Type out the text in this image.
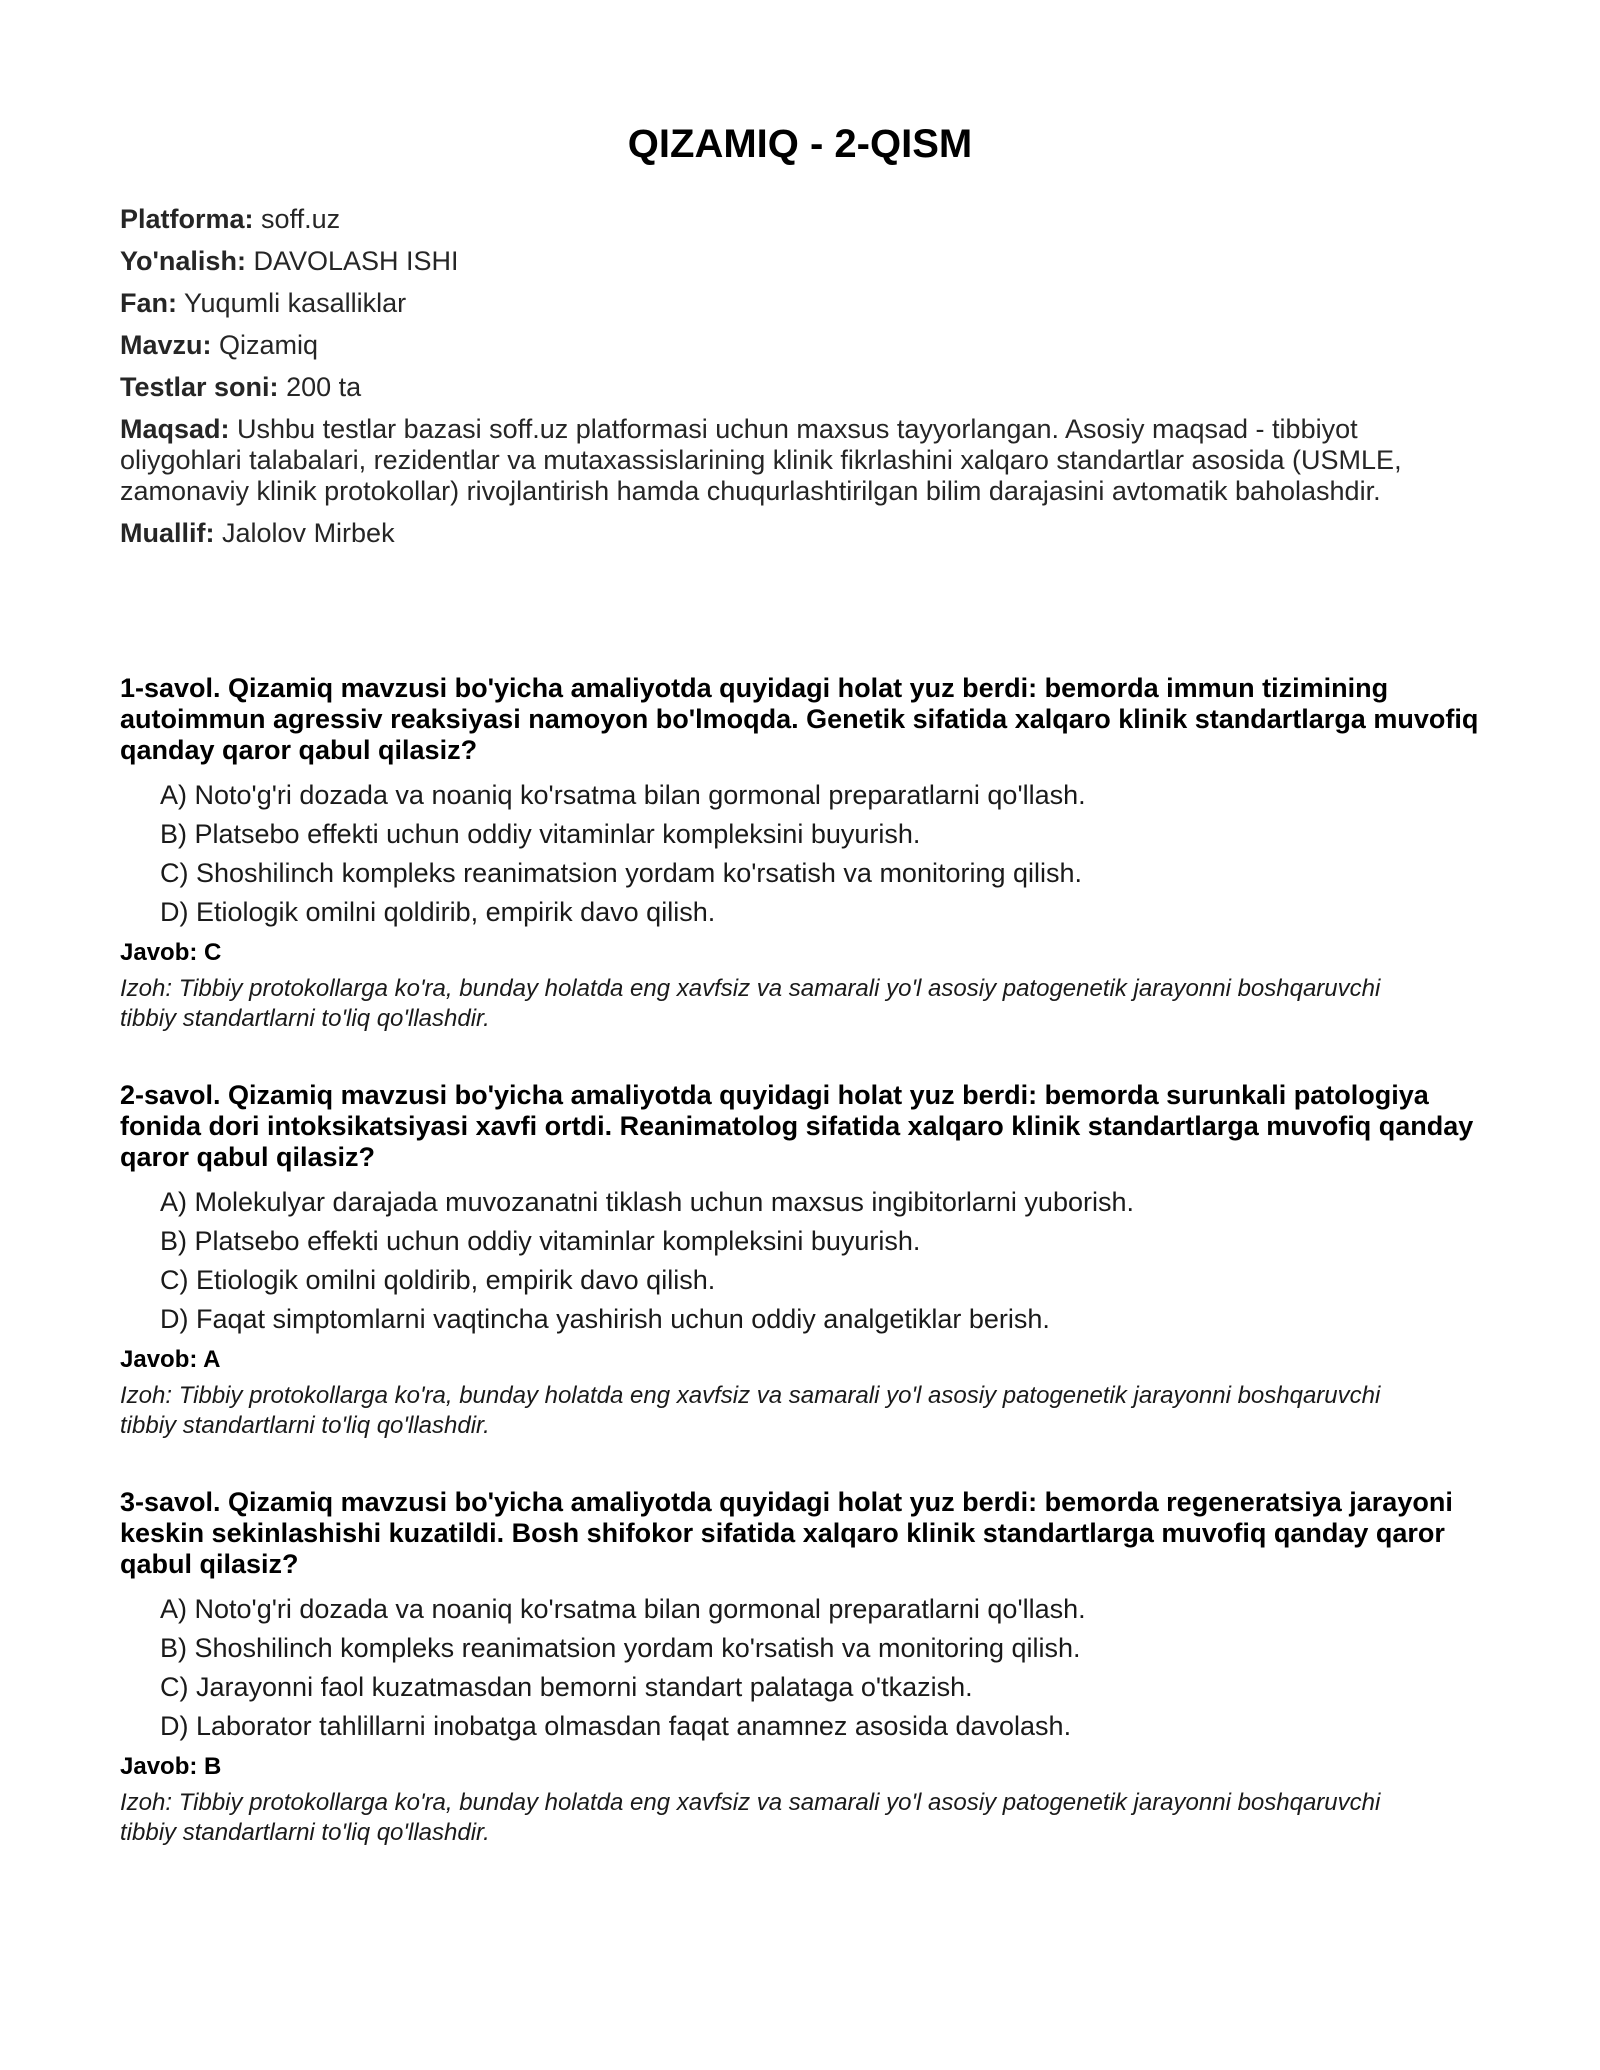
QIZAMIQ - 2-QISM

Platforma: soff.uz

Yo'nalish: DAVOLASH ISHI

Fan: Yuqumli kasalliklar

Mavzu: Qizamiq

Testlar soni: 200 ta

Maqsad: Ushbu testlar bazasi soff.uz platformasi uchun maxsus tayyorlangan. Asosiy maqsad - tibbiyot oliygohlari talabalari, rezidentlar va mutaxassislarining klinik fikrlashini xalqaro standartlar asosida (USMLE, zamonaviy klinik protokollar) rivojlantirish hamda chuqurlashtirilgan bilim darajasini avtomatik baholashdir.

Muallif: Jalolov Mirbek

1-savol. Qizamiq mavzusi bo'yicha amaliyotda quyidagi holat yuz berdi: bemorda immun tizimining autoimmun agressiv reaksiyasi namoyon bo'lmoqda. Genetik sifatida xalqaro klinik standartlarga muvofiq qanday qaror qabul qilasiz?

A) Noto'g'ri dozada va noaniq ko'rsatma bilan gormonal preparatlarni qo'llash.
B) Platsebo effekti uchun oddiy vitaminlar kompleksini buyurish.
C) Shoshilinch kompleks reanimatsion yordam ko'rsatish va monitoring qilish.
D) Etiologik omilni qoldirib, empirik davo qilish.

Javob: C

Izoh: Tibbiy protokollarga ko'ra, bunday holatda eng xavfsiz va samarali yo'l asosiy patogenetik jarayonni boshqaruvchi tibbiy standartlarni to'liq qo'llashdir.

2-savol. Qizamiq mavzusi bo'yicha amaliyotda quyidagi holat yuz berdi: bemorda surunkali patologiya fonida dori intoksikatsiyasi xavfi ortdi. Reanimatolog sifatida xalqaro klinik standartlarga muvofiq qanday qaror qabul qilasiz?

A) Molekulyar darajada muvozanatni tiklash uchun maxsus ingibitorlarni yuborish.
B) Platsebo effekti uchun oddiy vitaminlar kompleksini buyurish.
C) Etiologik omilni qoldirib, empirik davo qilish.
D) Faqat simptomlarni vaqtincha yashirish uchun oddiy analgetiklar berish.

Javob: A

Izoh: Tibbiy protokollarga ko'ra, bunday holatda eng xavfsiz va samarali yo'l asosiy patogenetik jarayonni boshqaruvchi tibbiy standartlarni to'liq qo'llashdir.

3-savol. Qizamiq mavzusi bo'yicha amaliyotda quyidagi holat yuz berdi: bemorda regeneratsiya jarayoni keskin sekinlashishi kuzatildi. Bosh shifokor sifatida xalqaro klinik standartlarga muvofiq qanday qaror qabul qilasiz?

A) Noto'g'ri dozada va noaniq ko'rsatma bilan gormonal preparatlarni qo'llash.
B) Shoshilinch kompleks reanimatsion yordam ko'rsatish va monitoring qilish.
C) Jarayonni faol kuzatmasdan bemorni standart palataga o'tkazish.
D) Laborator tahlillarni inobatga olmasdan faqat anamnez asosida davolash.

Javob: B

Izoh: Tibbiy protokollarga ko'ra, bunday holatda eng xavfsiz va samarali yo'l asosiy patogenetik jarayonni boshqaruvchi tibbiy standartlarni to'liq qo'llashdir.
